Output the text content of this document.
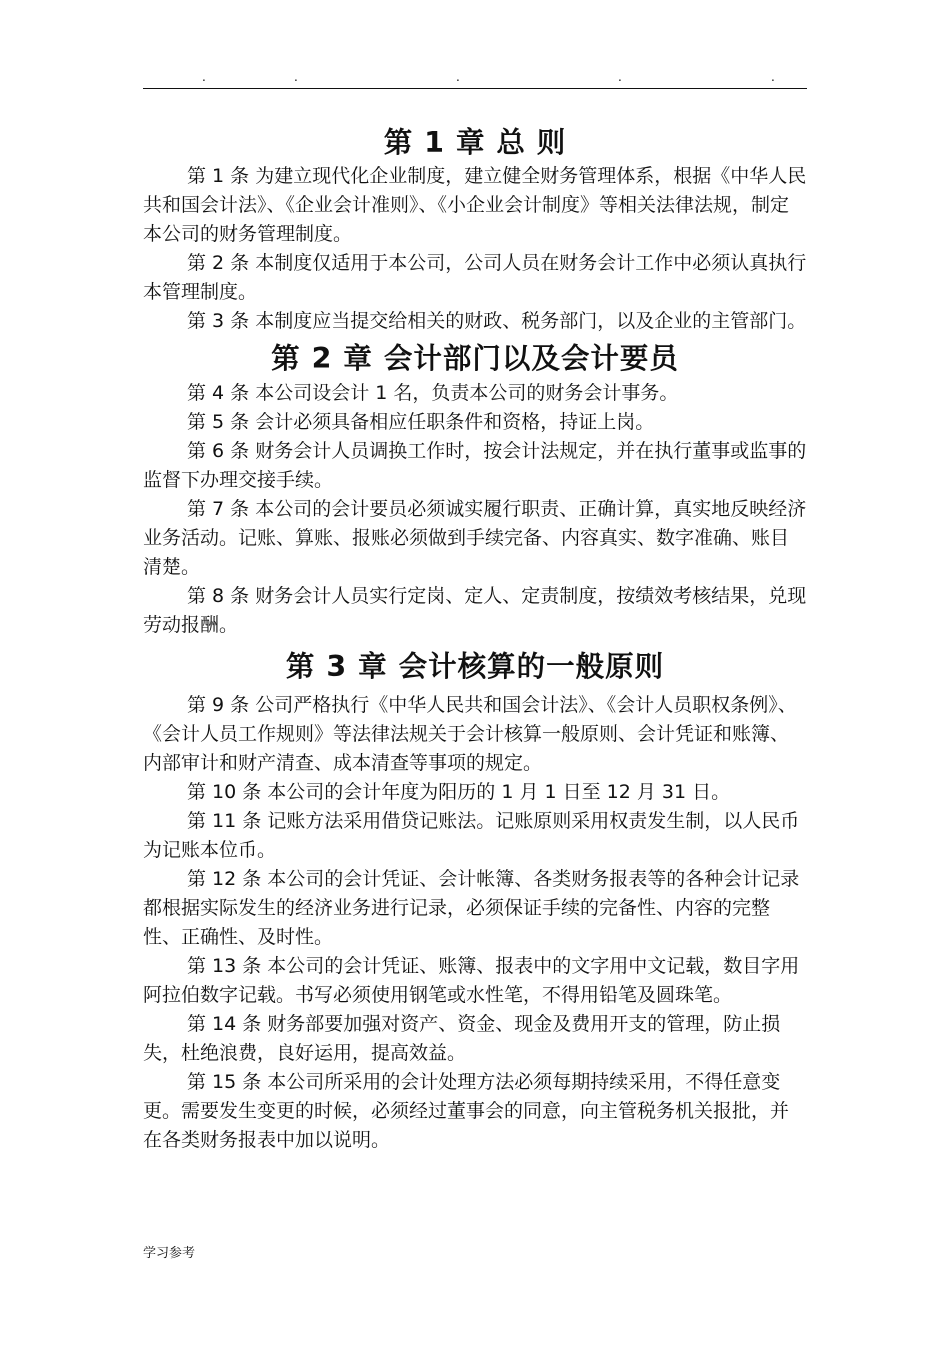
.	.	.	.	.
第 1 章 总 则

第 1 条 为建立现代化企业制度，建立健全财务管理体系，根据《中华人民共和国会计法》、《企业会计准则》、《小企业会计制度》等相关法律法规，制定本公司的财务管理制度。

第 2 条 本制度仅适用于本公司，公司人员在财务会计工作中必须认真执行本管理制度。

第 3 条 本制度应当提交给相关的财政、税务部门，以及企业的主管部门。

第 2 章 会计部门以及会计要员

第 4 条 本公司设会计 1 名，负责本公司的财务会计事务。

第 5 条 会计必须具备相应任职条件和资格，持证上岗。

第 6 条 财务会计人员调换工作时，按会计法规定，并在执行董事或监事的监督下办理交接手续。

第 7 条 本公司的会计要员必须诚实履行职责、正确计算，真实地反映经济业务活动。记账、算账、报账必须做到手续完备、内容真实、数字准确、账目清楚。

第 8 条 财务会计人员实行定岗、定人、定责制度，按绩效考核结果，兑现劳动报酬。

第 3 章 会计核算的一般原则

第 9 条 公司严格执行《中华人民共和国会计法》、《会计人员职权条例》、《会计人员工作规则》等法律法规关于会计核算一般原则、会计凭证和账簿、内部审计和财产清查、成本清查等事项的规定。

第 10 条 本公司的会计年度为阳历的 1 月 1 日至 12 月 31 日。

第 11 条 记账方法采用借贷记账法。记账原则采用权责发生制，以人民币为记账本位币。

第 12 条 本公司的会计凭证、会计帐簿、各类财务报表等的各种会计记录都根据实际发生的经济业务进行记录，必须保证手续的完备性、内容的完整性、正确性、及时性。

第 13 条 本公司的会计凭证、账簿、报表中的文字用中文记载，数目字用阿拉伯数字记载。书写必须使用钢笔或水性笔，不得用铅笔及圆珠笔。

第 14 条 财务部要加强对资产、资金、现金及费用开支的管理，防止损失，杜绝浪费，良好运用，提高效益。

第 15 条 本公司所采用的会计处理方法必须每期持续采用，不得任意变更。需要发生变更的时候，必须经过董事会的同意，向主管税务机关报批，并在各类财务报表中加以说明。

学习参考
